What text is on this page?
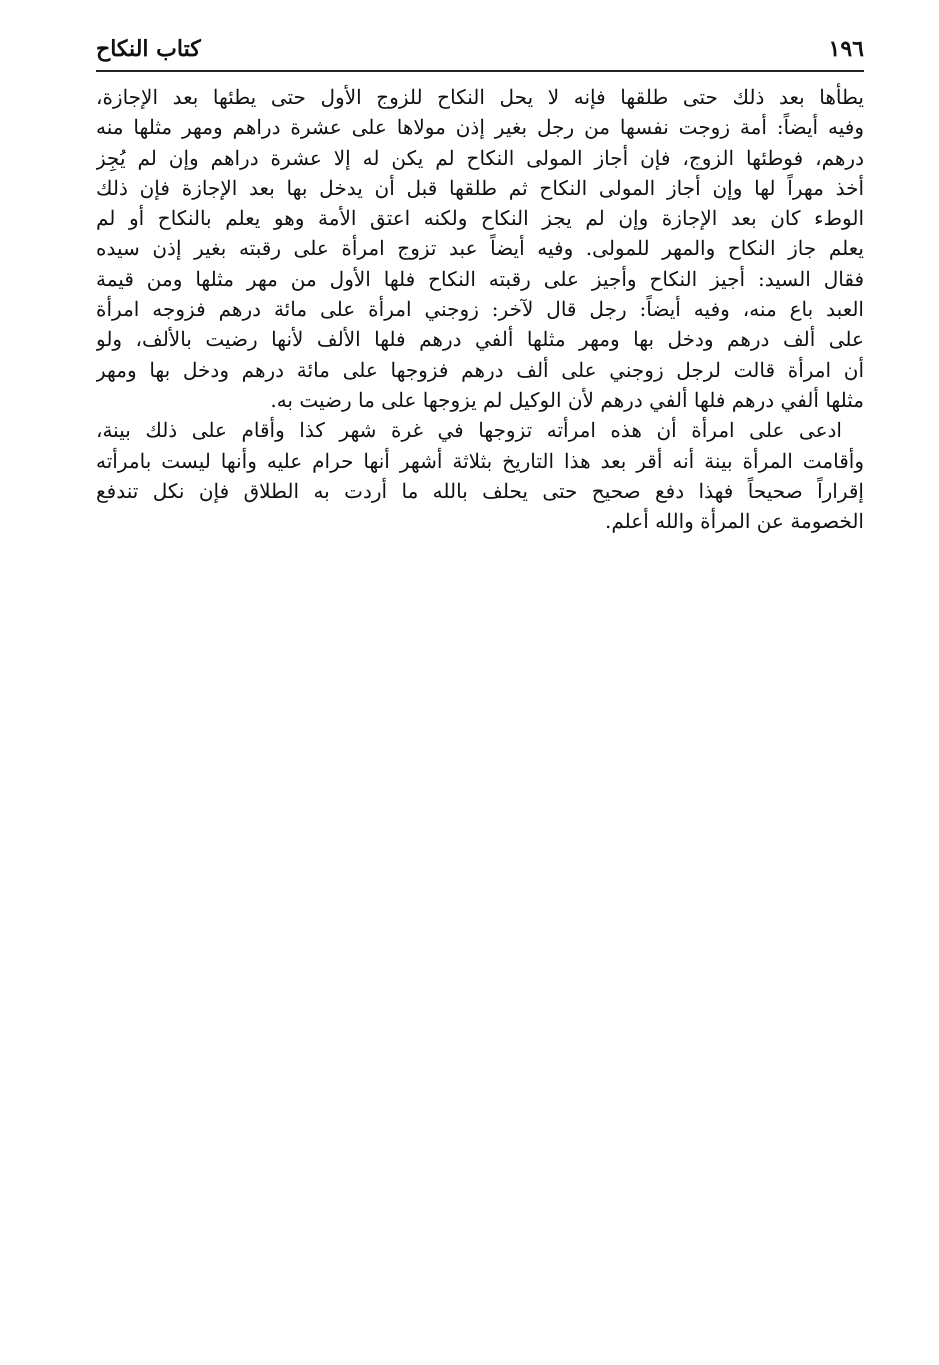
١٩٦
كتاب النكاح
يطأها بعد ذلك حتى طلقها فإنه لا يحل النكاح للزوج الأول حتى يطئها بعد الإجازة،
وفيه أيضاً: أمة زوجت نفسها من رجل بغير إذن مولاها على عشرة دراهم ومهر مثلها منه
درهم، فوطئها الزوج، فإن أجاز المولى النكاح لم يكن له إلا عشرة دراهم وإن لم يُجِز
أخذ مهراً لها وإن أجاز المولى النكاح ثم طلقها قبل أن يدخل بها بعد الإجازة فإن ذلك
الوطء كان بعد الإجازة وإن لم يجز النكاح ولكنه اعتق الأمة وهو يعلم بالنكاح أو لم
يعلم جاز النكاح والمهر للمولى. وفيه أيضاً عبد تزوج امرأة على رقبته بغير إذن سيده
فقال السيد: أجيز النكاح وأجيز على رقبته النكاح فلها الأول من مهر مثلها ومن قيمة
العبد باع منه، وفيه أيضاً: رجل قال لآخر: زوجني امرأة على مائة درهم فزوجه امرأة
على ألف درهم ودخل بها ومهر مثلها ألفي درهم فلها الألف لأنها رضيت بالألف، ولو
أن امرأة قالت لرجل زوجني على ألف درهم فزوجها على مائة درهم ودخل بها ومهر
مثلها ألفي درهم فلها ألفي درهم لأن الوكيل لم يزوجها على ما رضيت به.
ادعى على امرأة أن هذه امرأته تزوجها في غرة شهر كذا وأقام على ذلك بينة،
وأقامت المرأة بينة أنه أقر بعد هذا التاريخ بثلاثة أشهر أنها حرام عليه وأنها ليست بامرأته
إقراراً صحيحاً فهذا دفع صحيح حتى يحلف بالله ما أردت به الطلاق فإن نكل تندفع
الخصومة عن المرأة والله أعلم.
